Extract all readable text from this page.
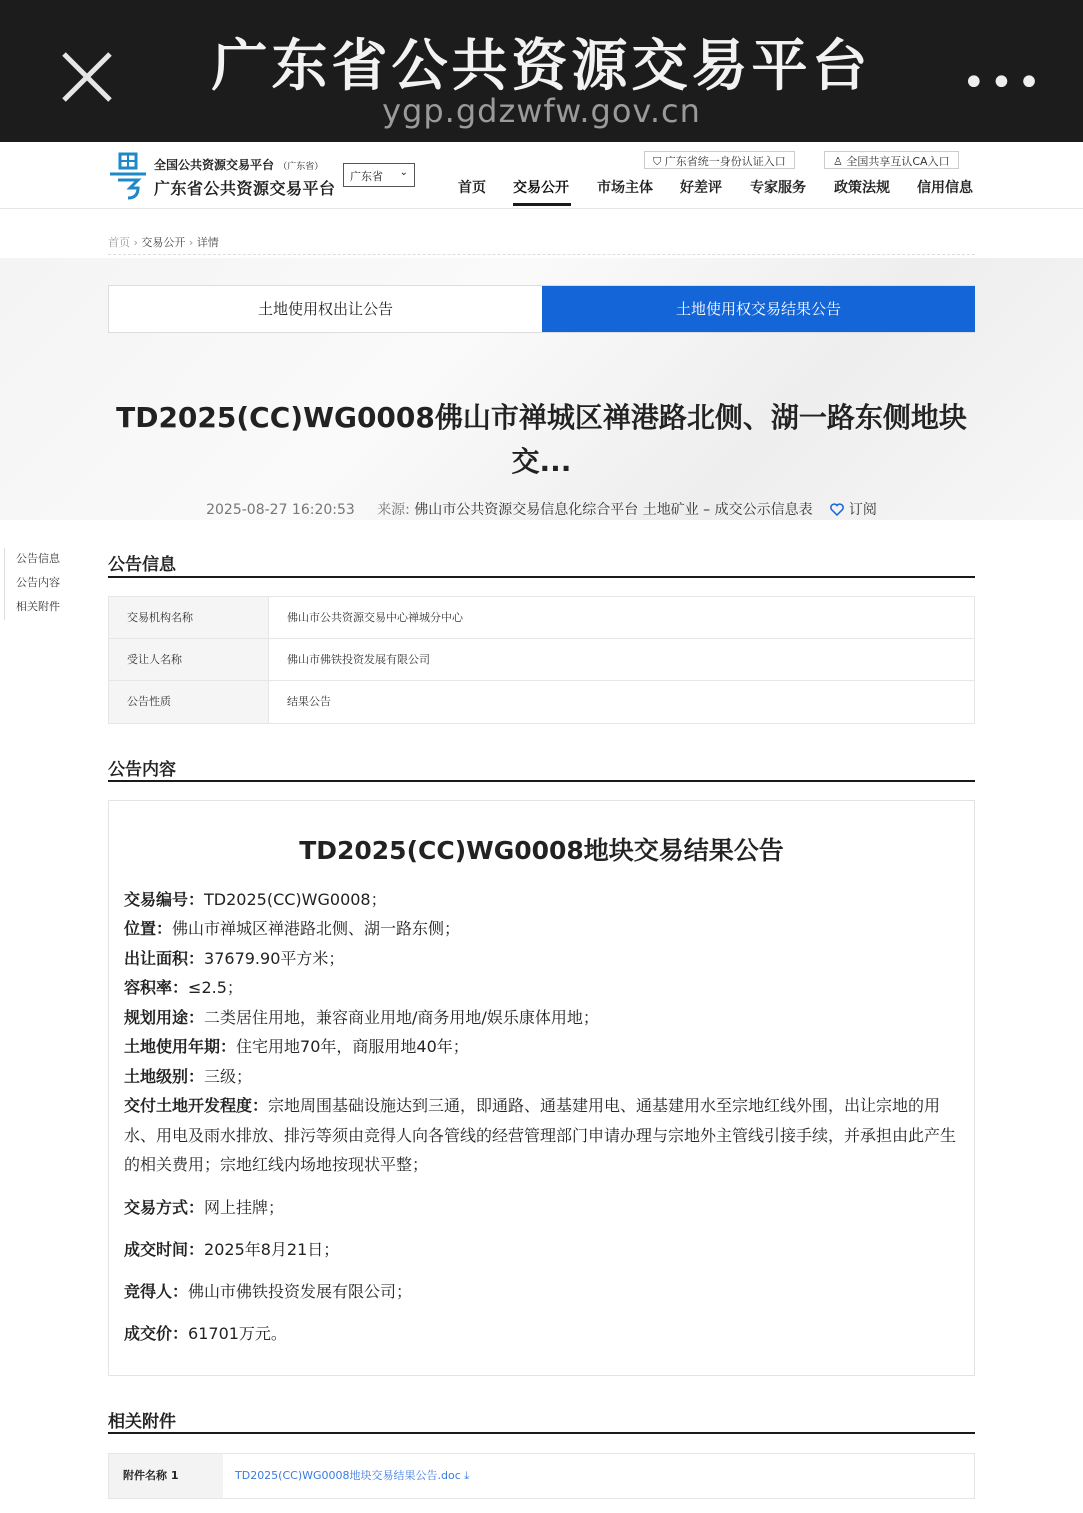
广东省公共资源交易平台
ygp.gdzwfw.gov.cn
•••
全国公共资源交易平台 （广东省）
广东省公共资源交易平台
广东省 ⌄
⛉ 广东省统一身份认证入口	♙ 全国共享互认CA入口
首页 交易公开 市场主体 好差评 专家服务 政策法规 信用信息
首页 › 交易公开 › 详情
土地使用权出让公告	土地使用权交易结果公告
TD2025(CC)WG0008佛山市禅城区禅港路北侧、湖一路东侧地块
交...
2025-08-27 16:20:53 来源: 佛山市公共资源交易信息化综合平台 土地矿业 – 成交公示信息表	订阅
公告信息
公告内容
相关附件
公告信息
交易机构名称	佛山市公共资源交易中心禅城分中心
受让人名称	佛山市佛铁投资发展有限公司
公告性质	结果公告
公告内容
TD2025(CC)WG0008地块交易结果公告
交易编号：TD2025(CC)WG0008；
位置：佛山市禅城区禅港路北侧、湖一路东侧；
出让面积：37679.90平方米；
容积率：≤2.5；
规划用途：二类居住用地，兼容商业用地/商务用地/娱乐康体用地；
土地使用年期：住宅用地70年，商服用地40年；
土地级别：三级；
交付土地开发程度：宗地周围基础设施达到三通，即通路、通基建用电、通基建用水至宗地红线外围，出让宗地的用水、用电及雨水排放、排污等须由竞得人向各管线的经营管理部门申请办理与宗地外主管线引接手续，并承担由此产生的相关费用；宗地红线内场地按现状平整；
交易方式：网上挂牌；
成交时间：2025年8月21日；
竞得人：佛山市佛铁投资发展有限公司；
成交价：61701万元。
相关附件
附件名称 1	TD2025(CC)WG0008地块交易结果公告.doc ⤓
